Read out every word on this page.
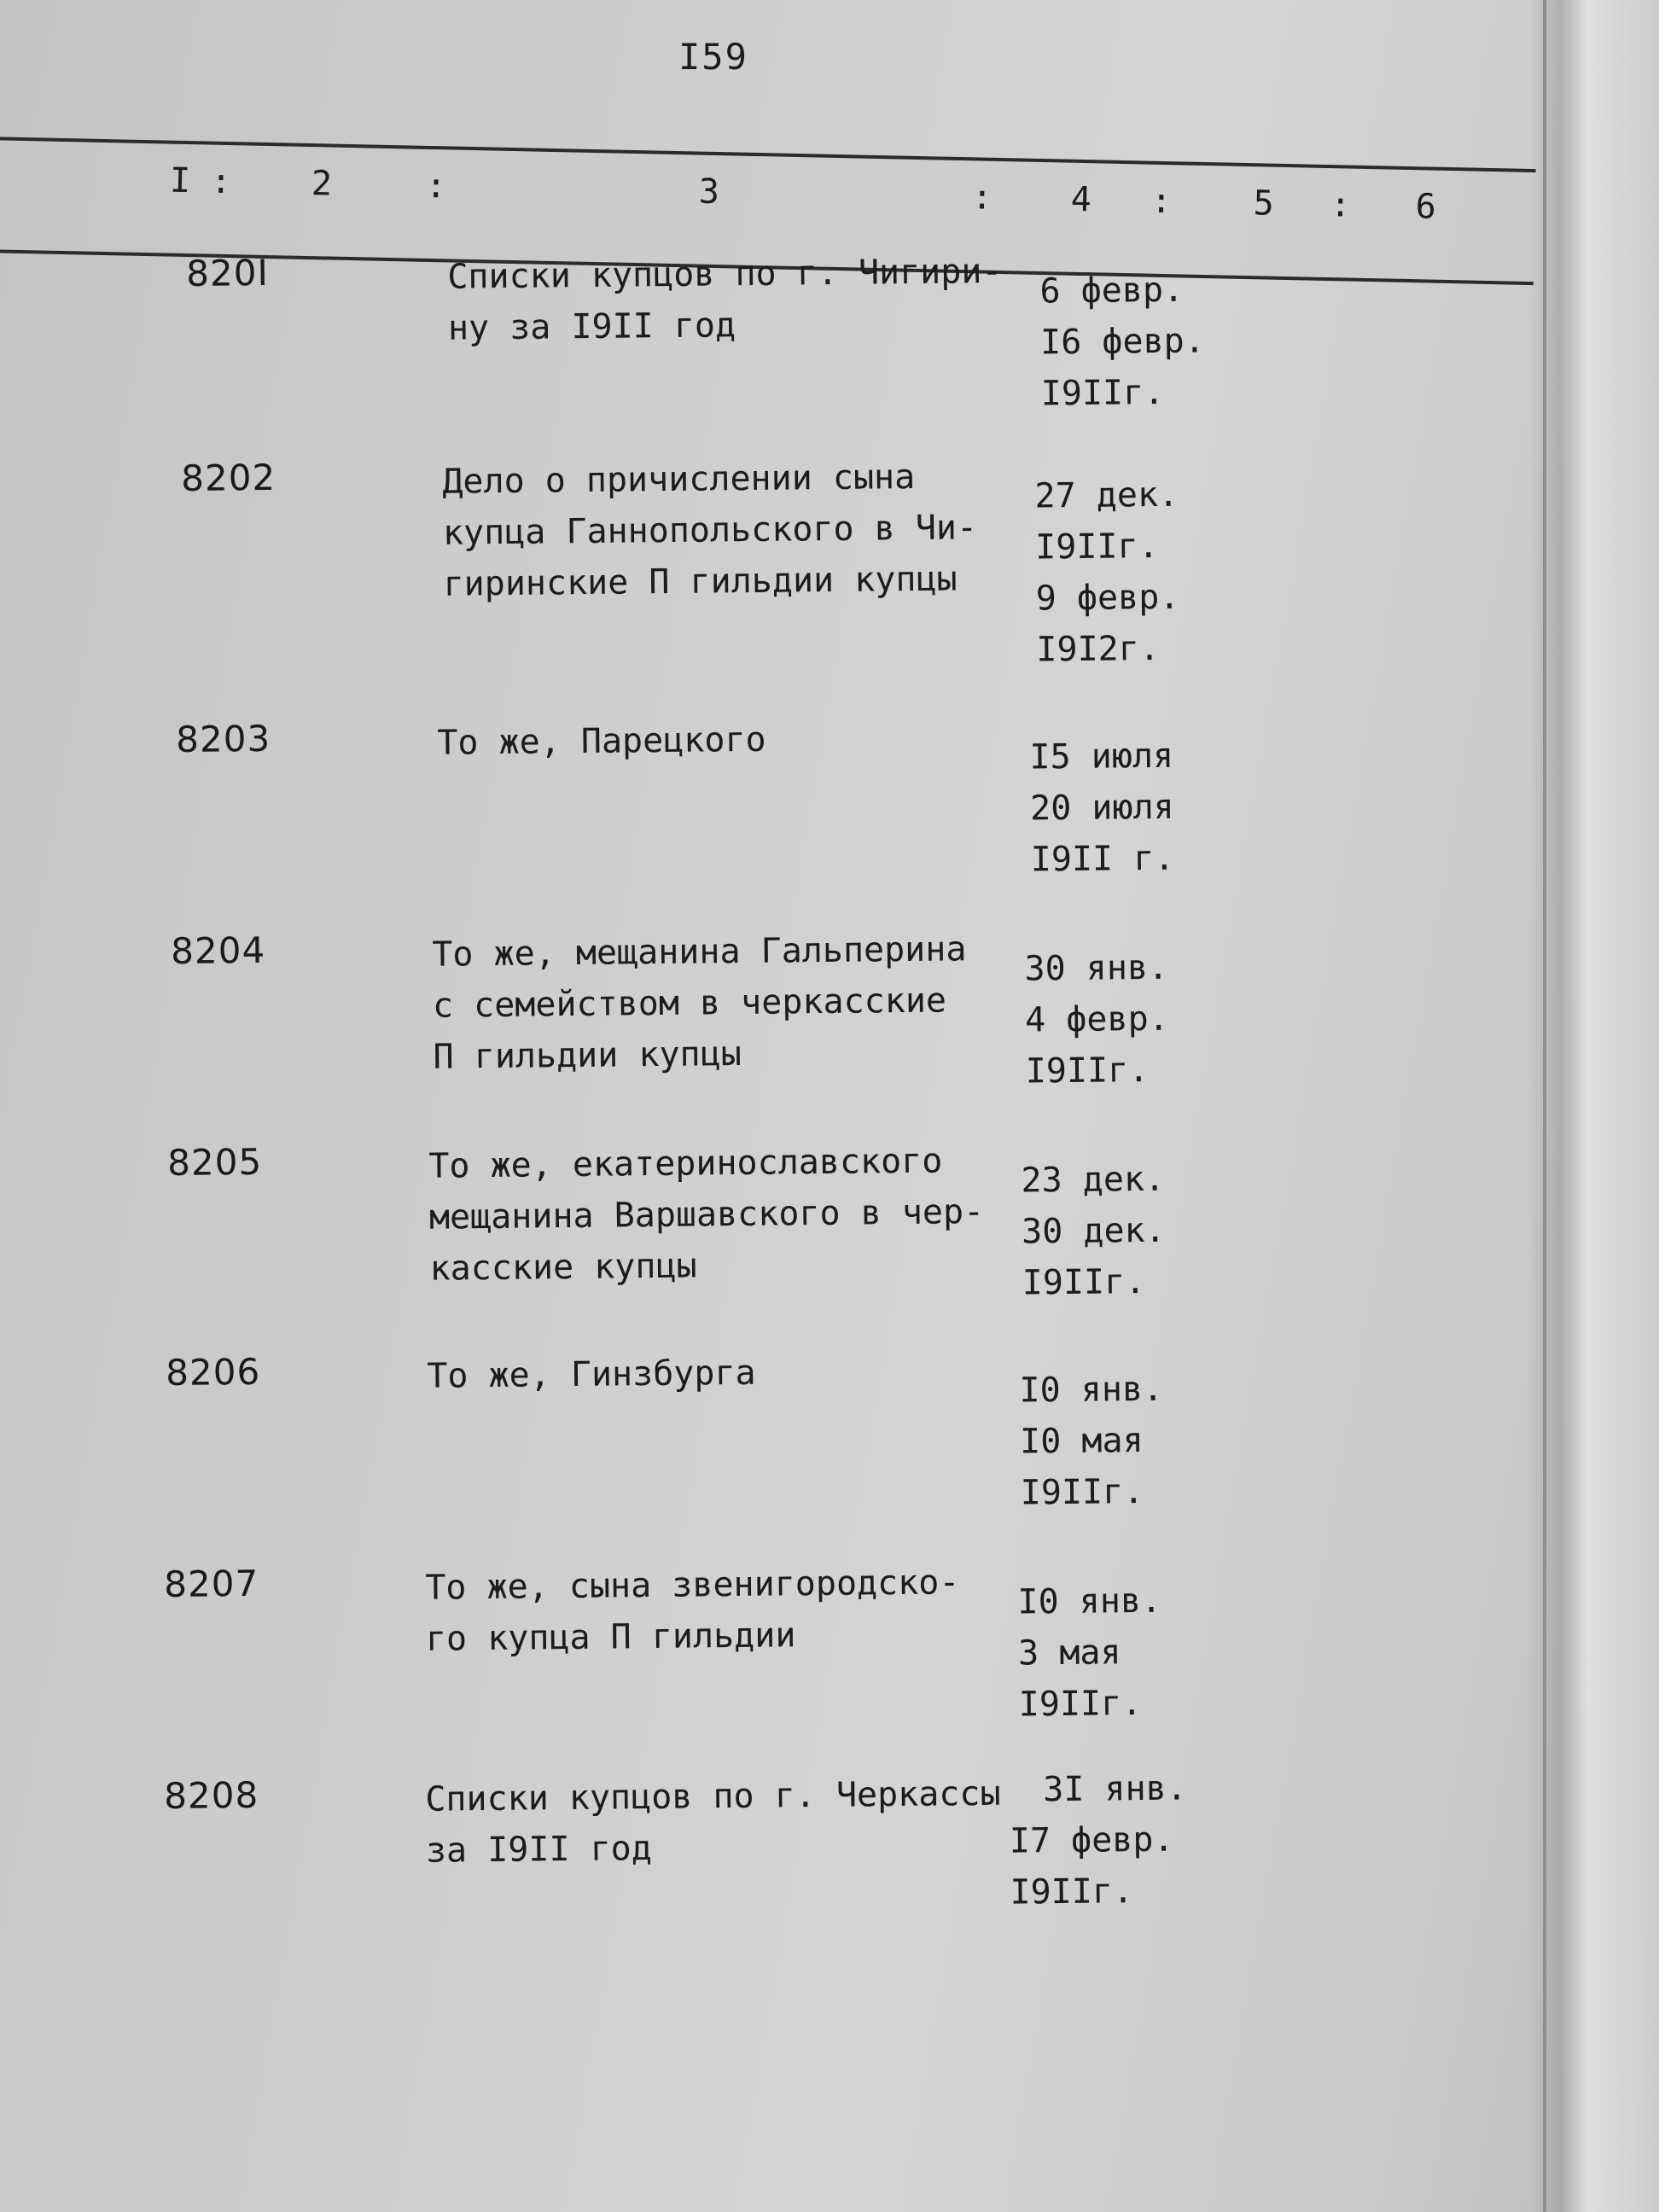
I59
I : 2	:	3	: 4 : 5 : 6
820I	Списки купцов по г. Чигири-
ну за I9II год
6 февр.
I6 февр.
I9IIг.
8202	Дело о причислении сына
купца Ганнопольского в Чи-
гиринские П гильдии купцы
27 дек.
I9IIг.
9 февр.
I9I2г.
8203	То же, Парецкого	I5 июля
20 июля
I9II г.
8204	То же, мещанина Гальперина
с семейством в черкасские
П гильдии купцы
30 янв.
4 февр.
I9IIг.
8205	То же, екатеринославского
мещанина Варшавского в чер-
касские купцы
23 дек.
30 дек.
I9IIг.
8206	То же, Гинзбурга	I0 янв.
I0 мая
I9IIг.
8207	То же, сына звенигородско-
го купца П гильдии
I0 янв.
3 мая
I9IIг.
8208	Списки купцов по г. Черкассы
за I9II год
3I янв.
I7 февр.
I9IIг.
